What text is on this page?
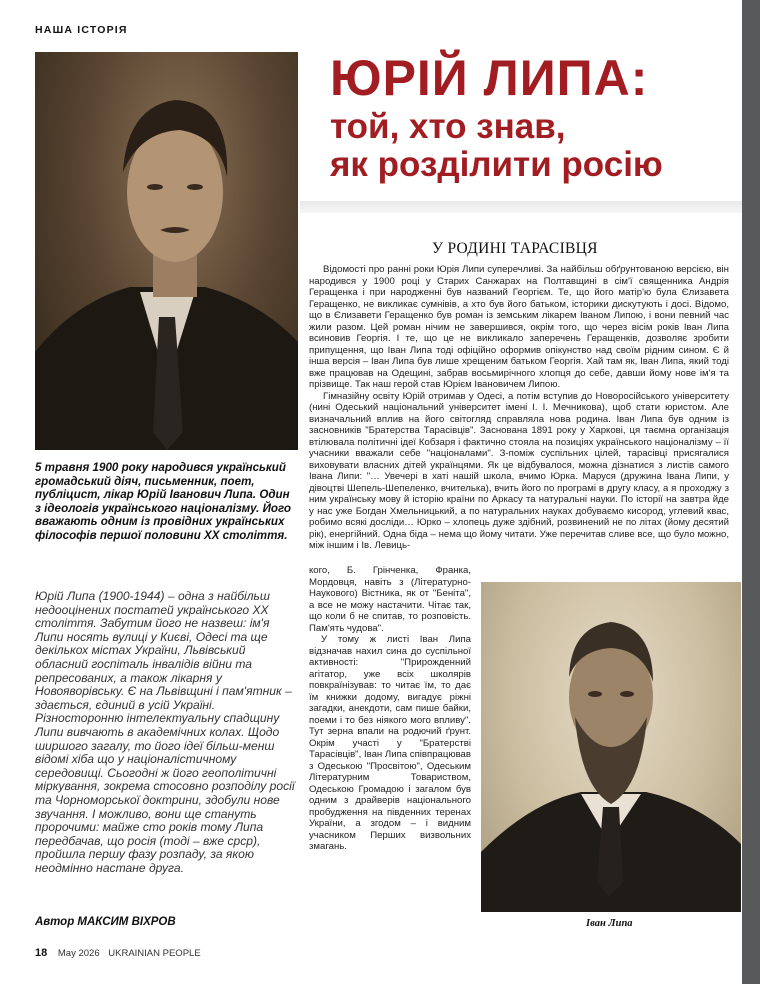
НАША ІСТОРІЯ
ЮРІЙ ЛИПА:
той, хто знав,
як розділити росію
У РОДИНІ ТАРАСІВЦЯ

Відомості про ранні роки Юрія Липи суперечливі. За найбільш обґрунтованою версією, він народився у 1900 році у Старих Санжарах на Полтавщині в сім'ї священника Андрія Геращенка і при народженні був названий Георгієм. Те, що його матір'ю була Єлизавета Геращенко, не викликає сумнівів, а хто був його батьком, історики дискутують і досі. Відомо, що в Єлизавети Геращенко був роман із земським лікарем Іваном Липою, і вони певний час жили разом. Цей роман нічим не завершився, окрім того, що через вісім років Іван Липа всиновив Георгія. І те, що це не викликало заперечень Геращенків, дозволяє зробити припущення, що Іван Липа тоді офіційно оформив опікунство над своїм рідним сином. Є й інша версія – Іван Липа був лише хрещеним батьком Георгія. Хай там як, Іван Липа, який тоді вже працював на Одещині, забрав восьмирічного хлопця до себе, давши йому нове ім'я та прізвище. Так наш герой став Юрієм Івановичем Липою.

Гімназійну освіту Юрій отримав у Одесі, а потім вступив до Новоросійського університету (нині Одеський національний університет імені І. І. Мечникова), щоб стати юристом. Але визначальний вплив на його світогляд справляла нова родина. Іван Липа був одним із засновників "Братерства Тарасівців". Заснована 1891 року у Харкові, ця таємна організація втілювала політичні ідеї Кобзаря і фактично стояла на позиціях українського націоналізму – її учасники вважали себе "націоналами". З-поміж суспільних цілей, тарасівці присягалися виховувати власних дітей українцями. Як це відбувалося, можна дізнатися з листів самого Івана Липи: "… Увечері в хаті нашій школа, вчимо Юрка. Маруся (дружина Івана Липи, у дівоцтві Шепель-Шепеленко, вчителька), вчить його по програмі в другу класу, а я проходжу з ним українську мову й історію країни по Аркасу та натуральні науки. По історії на завтра йде у нас уже Богдан Хмельницький, а по натуральних науках добуваємо кисород, углевий квас, робимо всякі досліди… Юрко – хлопець дуже здібний, розвинений не по літах (йому десятий рік), енергійний. Одна біда – нема що йому читати. Уже перечитав сливе все, що було можно, між іншим і Ів. Левиць-

кого, Б. Грінченка, Франка, Мордовця, навіть з (Літературно-Наукового) Вістника, як от "Беніта", а все не можу настачити. Чітає так, що коли б не спитав, то розповість. Пам'ять чудова".

У тому ж листі Іван Липа відзначав нахил сина до суспільної активності: "Прирожденний агітатор, уже всіх школярів повкраїнізував: то читає їм, то дає їм книжки додому, вигадує ріжні загадки, анекдоти, сам пише байки, поеми і то без ніякого мого впливу". Тут зерна впали на родючий ґрунт. Окрім участі у "Братерстві Тарасівців", Іван Липа співпрацював з Одеською "Просвітою", Одеським Літературним Товариством, Одеською Громадою і загалом був одним з драйверів національного пробудження на південних теренах України, а згодом – і видним учасником Перших визвольних змагань.

5 травня 1900 року народився український громадський діяч, письменник, поет, публіцист, лікар Юрій Іванович Липа. Один з ідеологів українського націоналізму. Його вважають одним із провідних українських філософів першої половини ХХ століття.
Юрій Липа (1900-1944) – одна з найбільш недооцінених постатей українського XX століття. Забутим його не назвеш: ім'я Липи носять вулиці у Києві, Одесі та ще декількох містах України, Львівський обласний госпіталь інвалідів війни та репресованих, а також лікарня у Новояворівську. Є на Львівщині і пам'ятник – здається, єдиний в усій Україні. Різносторонню інтелектуальну спадщину Липи вивчають в академічних колах. Щодо ширшого загалу, то його ідеї більш-менш відомі хіба що у націоналістичному середовищі. Сьогодні ж його геополітичні міркування, зокрема стосовно розподілу росії та Чорноморської доктрини, здобули нове звучання. І можливо, вони ще стануть пророчими: майже сто років тому Липа передбачав, що росія (тоді – вже срср), пройшла першу фазу розпаду, за якою неодмінно настане друга.
Автор МАКСИМ ВІХРОВ	Іван Липа
18 May 2026 UKRAINIAN PEOPLE
